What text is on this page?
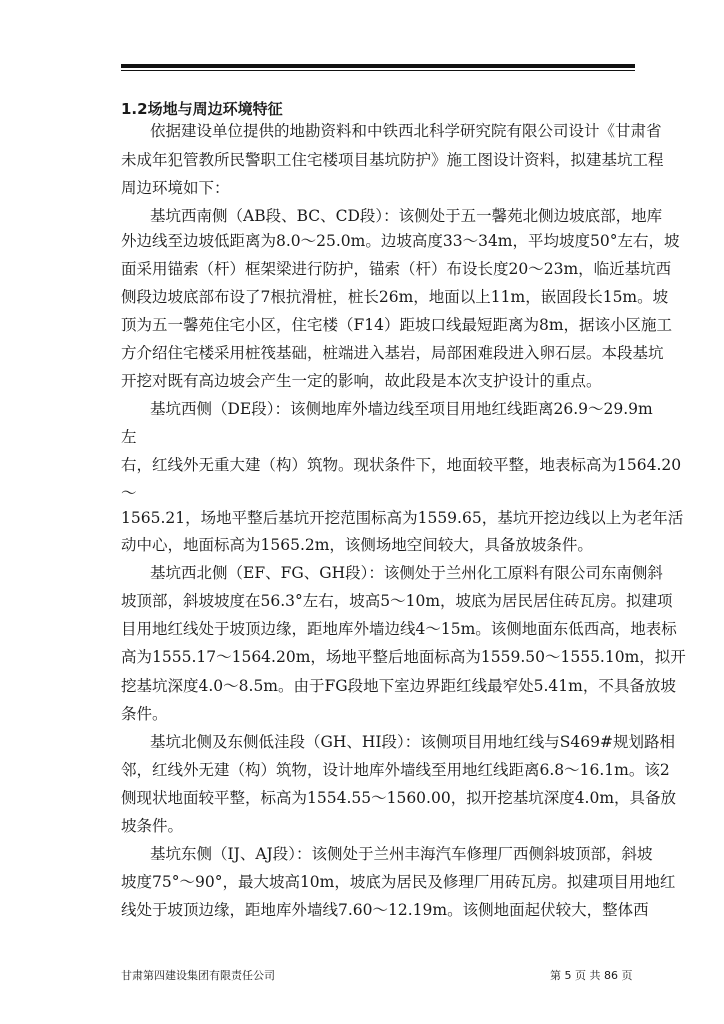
1.2场地与周边环境特征
依据建设单位提供的地勘资料和中铁西北科学研究院有限公司设计《甘肃省
未成年犯管教所民警职工住宅楼项目基坑防护》施工图设计资料，拟建基坑工程
周边环境如下：
基坑西南侧（AB段、BC、CD段）：该侧处于五一馨苑北侧边坡底部，地库
外边线至边坡低距离为8.0～25.0m。边坡高度33～34m，平均坡度50°左右，坡
面采用锚索（杆）框架梁进行防护，锚索（杆）布设长度20～23m，临近基坑西
侧段边坡底部布设了7根抗滑桩，桩长26m，地面以上11m，嵌固段长15m。坡
顶为五一馨苑住宅小区，住宅楼（F14）距坡口线最短距离为8m，据该小区施工
方介绍住宅楼采用桩筏基础，桩端进入基岩，局部困难段进入卵石层。本段基坑
开挖对既有高边坡会产生一定的影响，故此段是本次支护设计的重点。
基坑西侧（DE段）：该侧地库外墙边线至项目用地红线距离26.9～29.9m
左
右，红线外无重大建（构）筑物。现状条件下，地面较平整，地表标高为1564.20
～
1565.21，场地平整后基坑开挖范围标高为1559.65，基坑开挖边线以上为老年活
动中心，地面标高为1565.2m，该侧场地空间较大，具备放坡条件。
基坑西北侧（EF、FG、GH段）：该侧处于兰州化工原料有限公司东南侧斜
坡顶部，斜坡坡度在56.3°左右，坡高5～10m，坡底为居民居住砖瓦房。拟建项
目用地红线处于坡顶边缘，距地库外墙边线4～15m。该侧地面东低西高，地表标
高为1555.17～1564.20m，场地平整后地面标高为1559.50～1555.10m，拟开
挖基坑深度4.0～8.5m。由于FG段地下室边界距红线最窄处5.41m，不具备放坡
条件。
基坑北侧及东侧低洼段（GH、HI段）：该侧项目用地红线与S469#规划路相
邻，红线外无建（构）筑物，设计地库外墙线至用地红线距离6.8～16.1m。该2
侧现状地面较平整，标高为1554.55～1560.00，拟开挖基坑深度4.0m，具备放
坡条件。
基坑东侧（IJ、AJ段）：该侧处于兰州丰海汽车修理厂西侧斜坡顶部，斜坡
坡度75°～90°，最大坡高10m，坡底为居民及修理厂用砖瓦房。拟建项目用地红
线处于坡顶边缘，距地库外墙线7.60～12.19m。该侧地面起伏较大，整体西
甘肃第四建设集团有限责任公司	第 5 页 共 86 页
